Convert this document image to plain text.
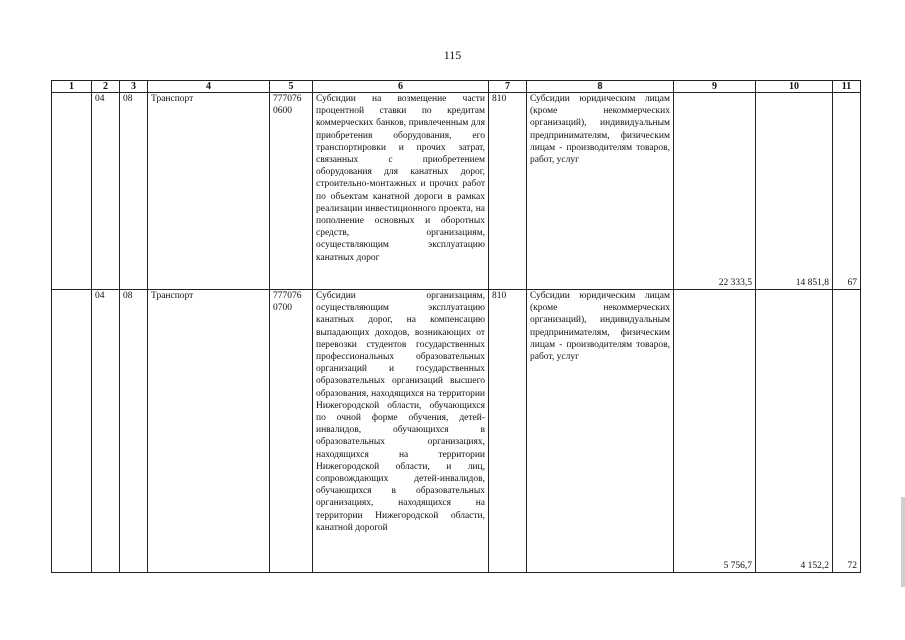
115
1	2	3	4	5	6	7	8	9	10	11
	04	08	Транспорт	777076 0600	Субсидии на возмещение части процентной ставки по кредитам коммерческих банков, привлеченным для приобретения оборудования, его транспортировки и прочих затрат, связанных с приобретением оборудования для канатных дорог, строительно-монтажных и прочих работ по объектам канатной дороги в рамках реализации инвестиционного проекта, на пополнение основных и оборотных средств, организациям, осуществляющим эксплуатацию канатных дорог	810	Субсидии юридическим лицам (кроме некоммерческих организаций), индивидуальным предпринимателям, физическим лицам - производителям товаров, работ, услуг	22 333,5	14 851,8	67
	04	08	Транспорт	777076 0700	Субсидии организациям, осуществляющим эксплуатацию канатных дорог, на компенсацию выпадающих доходов, возникающих от перевозки студентов государственных профессиональных образовательных организаций и государственных образовательных организаций высшего образования, находящихся на территории Нижегородской области, обучающихся по очной форме обучения, детей-инвалидов, обучающихся в образовательных организациях, находящихся на территории Нижегородской области, и лиц, сопровождающих детей-инвалидов, обучающихся в образовательных организациях, находящихся на территории Нижегородской области, канатной дорогой	810	Субсидии юридическим лицам (кроме некоммерческих организаций), индивидуальным предпринимателям, физическим лицам - производителям товаров, работ, услуг	5 756,7	4 152,2	72
